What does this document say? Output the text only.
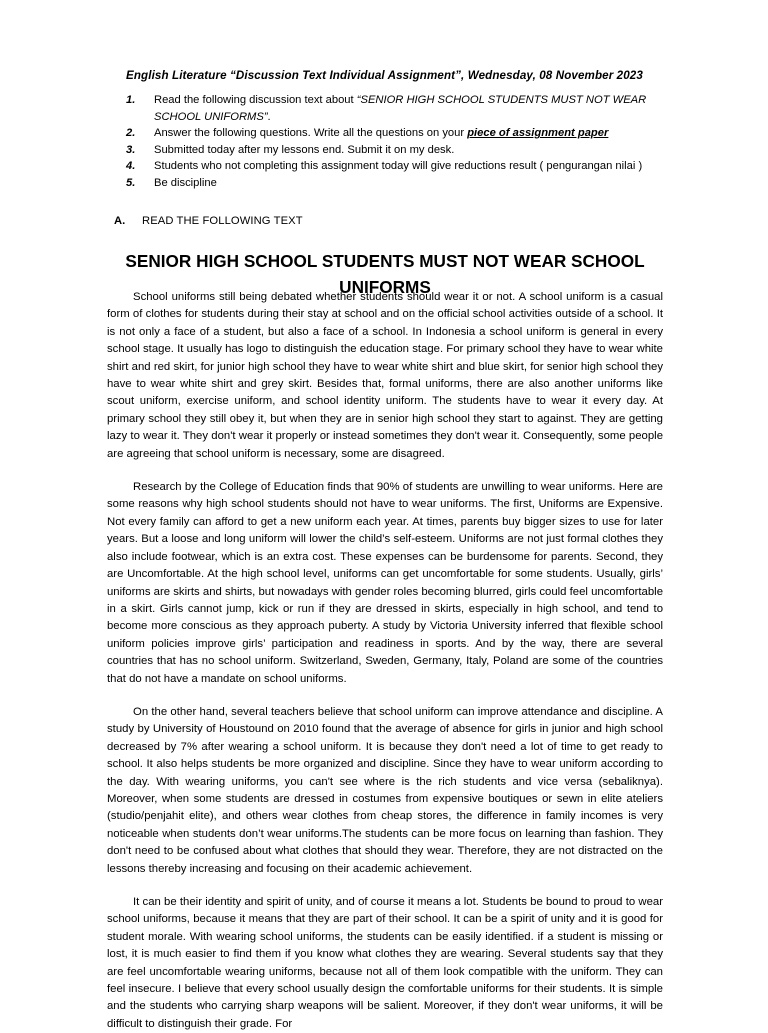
English Literature “Discussion Text Individual Assignment”, Wednesday, 08 November 2023
1.	Read the following discussion text about “SENIOR HIGH SCHOOL STUDENTS MUST NOT WEAR SCHOOL UNIFORMS”.
2.	Answer the following questions. Write all the questions on your piece of assignment paper
3.	Submitted today after my lessons end. Submit it on my desk.
4.	Students who not completing this assignment today will give reductions result ( pengurangan nilai )
5.	Be discipline
A.	READ THE FOLLOWING TEXT
SENIOR HIGH SCHOOL STUDENTS MUST NOT WEAR SCHOOL UNIFORMS

School uniforms still being debated whether students should wear it or not. A school uniform is a casual form of clothes for students during their stay at school and on the official school activities outside of a school. It is not only a face of a student, but also a face of a school. In Indonesia a school uniform is general in every school stage. It usually has logo to distinguish the education stage. For primary school they have to wear white shirt and red skirt, for junior high school they have to wear white shirt and blue skirt, for senior high school they have to wear white shirt and grey skirt. Besides that, formal uniforms, there are also another uniforms like scout uniform, exercise uniform, and school identity uniform. The students have to wear it every day. At primary school they still obey it, but when they are in senior high school they start to against. They are getting lazy to wear it. They don't wear it properly or instead sometimes they don't wear it. Consequently, some people are agreeing that school uniform is necessary, some are disagreed.

Research by the College of Education finds that 90% of students are unwilling to wear uniforms. Here are some reasons why high school students should not have to wear uniforms. The first, Uniforms are Expensive. Not every family can afford to get a new uniform each year. At times, parents buy bigger sizes to use for later years. But a loose and long uniform will lower the child’s self-esteem. Uniforms are not just formal clothes they also include footwear, which is an extra cost. These expenses can be burdensome for parents. Second, they are Uncomfortable. At the high school level, uniforms can get uncomfortable for some students. Usually, girls’ uniforms are skirts and shirts, but nowadays with gender roles becoming blurred, girls could feel uncomfortable in a skirt. Girls cannot jump, kick or run if they are dressed in skirts, especially in high school, and tend to become more conscious as they approach puberty. A study by Victoria University inferred that flexible school uniform policies improve girls’ participation and readiness in sports. And by the way, there are several countries that has no school uniform. Switzerland, Sweden, Germany, Italy, Poland are some of the countries that do not have a mandate on school uniforms.

On the other hand, several teachers believe that school uniform can improve attendance and discipline. A study by University of Houstound on 2010 found that the average of absence for girls in junior and high school decreased by 7% after wearing a school uniform. It is because they don't need a lot of time to get ready to school. It also helps students be more organized and discipline. Since they have to wear uniform according to the day. With wearing uniforms, you can't see where is the rich students and vice versa (sebaliknya). Moreover, when some students are dressed in costumes from expensive boutiques or sewn in elite ateliers (studio/penjahit elite), and others wear clothes from cheap stores, the difference in family incomes is very noticeable when students don’t wear uniforms.The students can be more focus on learning than fashion. They don't need to be confused about what clothes that should they wear. Therefore, they are not distracted on the lessons thereby increasing and focusing on their academic achievement.

It can be their identity and spirit of unity, and of course it means a lot. Students be bound to proud to wear school uniforms, because it means that they are part of their school. It can be a spirit of unity and it is good for student morale. With wearing school uniforms, the students can be easily identified. if a student is missing or lost, it is much easier to find them if you know what clothes they are wearing. Several students say that they are feel uncomfortable wearing uniforms, because not all of them look compatible with the uniform. They can feel insecure. I believe that every school usually design the comfortable uniforms for their students. It is simple and the students who carrying sharp weapons will be salient. Moreover, if they don't wear uniforms, it will be difficult to distinguish their grade. For
